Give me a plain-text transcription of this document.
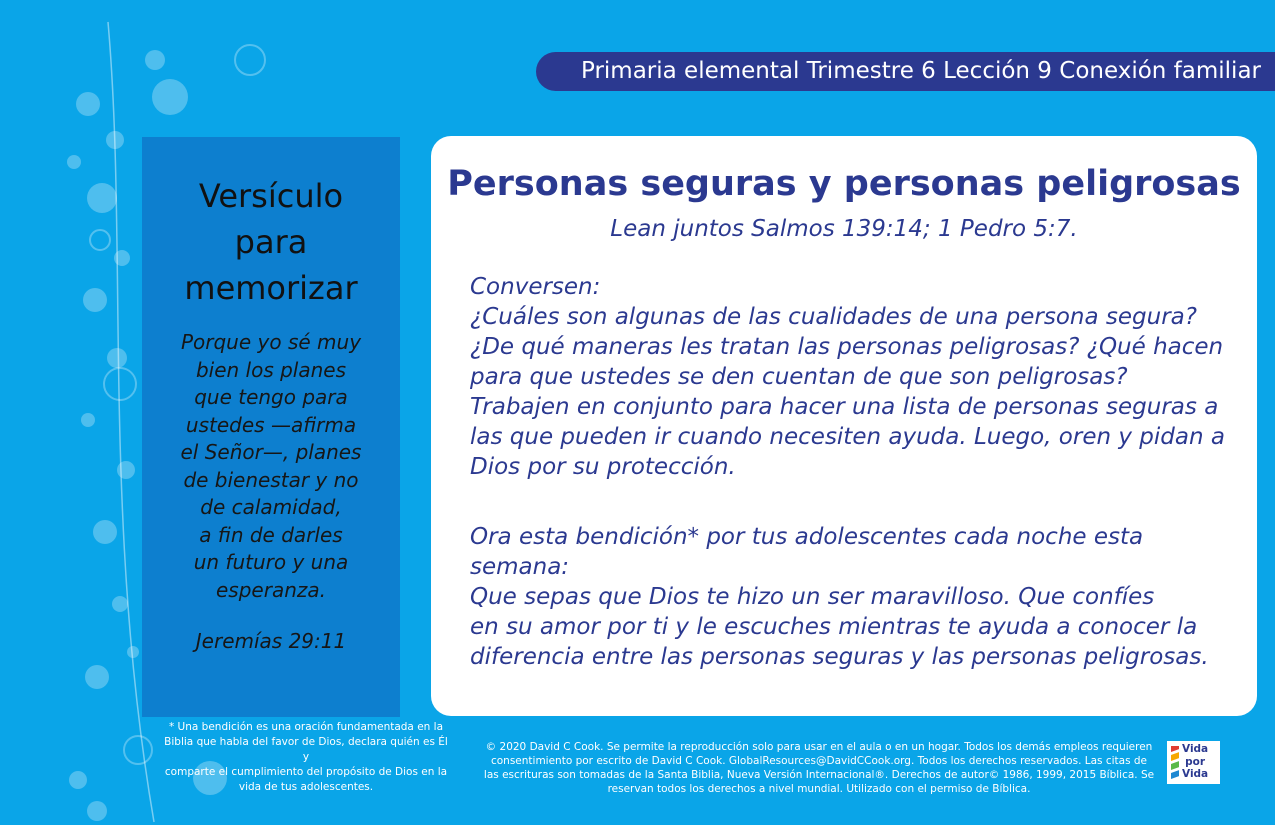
Primaria elemental Trimestre 6 Lección 9 Conexión familiar
Versículo
para
memorizar

Porque yo sé muy
bien los planes
que tengo para
ustedes —afirma
el Señor—, planes
de bienestar y no
de calamidad,
a fin de darles
un futuro y una
esperanza.

Jeremías 29:11
Personas seguras y personas peligrosas
Lean juntos Salmos 139:14; 1 Pedro 5:7.

Conversen:
¿Cuáles son algunas de las cualidades de una persona segura?
¿De qué maneras les tratan las personas peligrosas? ¿Qué hacen
para que ustedes se den cuentan de que son peligrosas?
Trabajen en conjunto para hacer una lista de personas seguras a
las que pueden ir cuando necesiten ayuda. Luego, oren y pidan a
Dios por su protección.

Ora esta bendición* por tus adolescentes cada noche esta
semana:
Que sepas que Dios te hizo un ser maravilloso. Que confíes
en su amor por ti y le escuches mientras te ayuda a conocer la
diferencia entre las personas seguras y las personas peligrosas.

* Una bendición es una oración fundamentada en la
Biblia que habla del favor de Dios, declara quién es Él y
comparte el cumplimiento del propósito de Dios en la
vida de tus adolescentes.
© 2020 David C Cook. Se permite la reproducción solo para usar en el aula o en un hogar. Todos los demás empleos requieren
consentimiento por escrito de David C Cook. GlobalResources@DavidCCook.org. Todos los derechos reservados. Las citas de
las escrituras son tomadas de la Santa Biblia, Nueva Versión Internacional®. Derechos de autor© 1986, 1999, 2015 Bíblica. Se
reservan todos los derechos a nivel mundial. Utilizado con el permiso de Bíblica.
Vida
por
Vida
